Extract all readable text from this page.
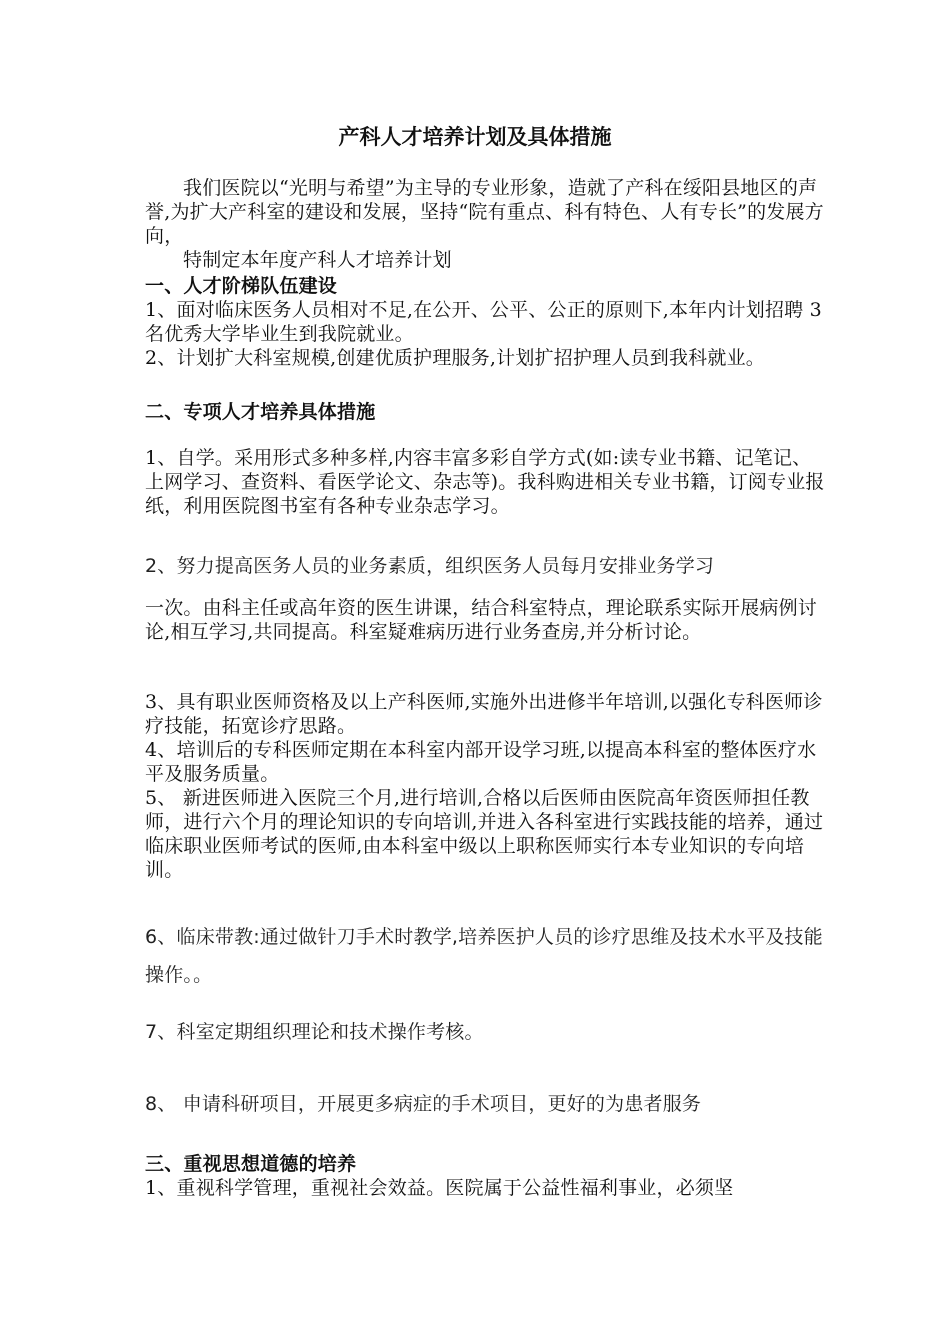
产科人才培养计划及具体措施

我们医院以“光明与希望”为主导的专业形象，造就了产科在绥阳县地区的声誉,为扩大产科室的建设和发展，坚持“院有重点、科有特色、人有专长”的发展方向，

特制定本年度产科人才培养计划

一、人才阶梯队伍建设

1、面对临床医务人员相对不足,在公开、公平、公正的原则下,本年内计划招聘 3 名优秀大学毕业生到我院就业。

2、计划扩大科室规模,创建优质护理服务,计划扩招护理人员到我科就业。

二、专项人才培养具体措施

1、自学。采用形式多种多样,内容丰富多彩自学方式(如:读专业书籍、记笔记、上网学习、查资料、看医学论文、杂志等)。我科购进相关专业书籍，订阅专业报纸，利用医院图书室有各种专业杂志学习。

2、努力提高医务人员的业务素质，组织医务人员每月安排业务学习

一次。由科主任或高年资的医生讲课，结合科室特点，理论联系实际开展病例讨论,相互学习,共同提高。科室疑难病历进行业务查房,并分析讨论。

3、具有职业医师资格及以上产科医师,实施外出进修半年培训,以强化专科医师诊疗技能，拓宽诊疗思路。

4、培训后的专科医师定期在本科室内部开设学习班,以提高本科室的整体医疗水平及服务质量。

5、 新进医师进入医院三个月,进行培训,合格以后医师由医院高年资医师担任教师，进行六个月的理论知识的专向培训,并进入各科室进行实践技能的培养，通过临床职业医师考试的医师,由本科室中级以上职称医师实行本专业知识的专向培训。

6、临床带教:通过做针刀手术时教学,培养医护人员的诊疗思维及技术水平及技能操作。。

7、科室定期组织理论和技术操作考核。

8、 申请科研项目，开展更多病症的手术项目，更好的为患者服务

三、重视思想道德的培养

1、重视科学管理，重视社会效益。医院属于公益性福利事业，必须坚
